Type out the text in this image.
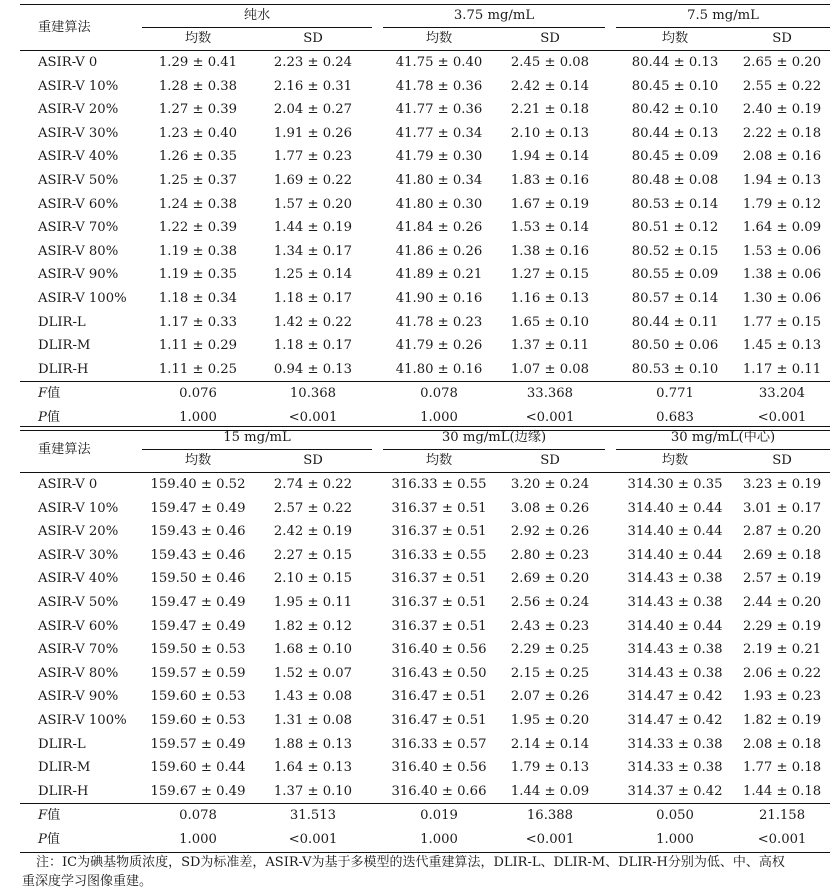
重建算法	纯水			3.75 mg/mL			7.5 mg/mL	
	均数	SD		均数	SD		均数	SD
ASIR-V 0	1.29 ± 0.41	2.23 ± 0.24		41.75 ± 0.40	2.45 ± 0.08		80.44 ± 0.13	2.65 ± 0.20
ASIR-V 10%	1.28 ± 0.38	2.16 ± 0.31		41.78 ± 0.36	2.42 ± 0.14		80.45 ± 0.10	2.55 ± 0.22
ASIR-V 20%	1.27 ± 0.39	2.04 ± 0.27		41.77 ± 0.36	2.21 ± 0.18		80.42 ± 0.10	2.40 ± 0.19
ASIR-V 30%	1.23 ± 0.40	1.91 ± 0.26		41.77 ± 0.34	2.10 ± 0.13		80.44 ± 0.13	2.22 ± 0.18
ASIR-V 40%	1.26 ± 0.35	1.77 ± 0.23		41.79 ± 0.30	1.94 ± 0.14		80.45 ± 0.09	2.08 ± 0.16
ASIR-V 50%	1.25 ± 0.37	1.69 ± 0.22		41.80 ± 0.34	1.83 ± 0.16		80.48 ± 0.08	1.94 ± 0.13
ASIR-V 60%	1.24 ± 0.38	1.57 ± 0.20		41.80 ± 0.30	1.67 ± 0.19		80.53 ± 0.14	1.79 ± 0.12
ASIR-V 70%	1.22 ± 0.39	1.44 ± 0.19		41.84 ± 0.26	1.53 ± 0.14		80.51 ± 0.12	1.64 ± 0.09
ASIR-V 80%	1.19 ± 0.38	1.34 ± 0.17		41.86 ± 0.26	1.38 ± 0.16		80.52 ± 0.15	1.53 ± 0.06
ASIR-V 90%	1.19 ± 0.35	1.25 ± 0.14		41.89 ± 0.21	1.27 ± 0.15		80.55 ± 0.09	1.38 ± 0.06
ASIR-V 100%	1.18 ± 0.34	1.18 ± 0.17		41.90 ± 0.16	1.16 ± 0.13		80.57 ± 0.14	1.30 ± 0.06
DLIR-L	1.17 ± 0.33	1.42 ± 0.22		41.78 ± 0.23	1.65 ± 0.10		80.44 ± 0.11	1.77 ± 0.15
DLIR-M	1.11 ± 0.29	1.18 ± 0.17		41.79 ± 0.26	1.37 ± 0.11		80.50 ± 0.06	1.45 ± 0.13
DLIR-H	1.11 ± 0.25	0.94 ± 0.13		41.80 ± 0.16	1.07 ± 0.08		80.53 ± 0.10	1.17 ± 0.11
F值	0.076	10.368		0.078	33.368		0.771	33.204
P值	1.000	<0.001		1.000	<0.001		0.683	<0.001
重建算法	15 mg/mL			30 mg/mL(边缘)			30 mg/mL(中心)	
	均数	SD		均数	SD		均数	SD
ASIR-V 0	159.40 ± 0.52	2.74 ± 0.22		316.33 ± 0.55	3.20 ± 0.24		314.30 ± 0.35	3.23 ± 0.19
ASIR-V 10%	159.47 ± 0.49	2.57 ± 0.22		316.37 ± 0.51	3.08 ± 0.26		314.40 ± 0.44	3.01 ± 0.17
ASIR-V 20%	159.43 ± 0.46	2.42 ± 0.19		316.37 ± 0.51	2.92 ± 0.26		314.40 ± 0.44	2.87 ± 0.20
ASIR-V 30%	159.43 ± 0.46	2.27 ± 0.15		316.33 ± 0.55	2.80 ± 0.23		314.40 ± 0.44	2.69 ± 0.18
ASIR-V 40%	159.50 ± 0.46	2.10 ± 0.15		316.37 ± 0.51	2.69 ± 0.20		314.43 ± 0.38	2.57 ± 0.19
ASIR-V 50%	159.47 ± 0.49	1.95 ± 0.11		316.37 ± 0.51	2.56 ± 0.24		314.43 ± 0.38	2.44 ± 0.20
ASIR-V 60%	159.47 ± 0.49	1.82 ± 0.12		316.37 ± 0.51	2.43 ± 0.23		314.40 ± 0.44	2.29 ± 0.19
ASIR-V 70%	159.50 ± 0.53	1.68 ± 0.10		316.40 ± 0.56	2.29 ± 0.25		314.43 ± 0.38	2.19 ± 0.21
ASIR-V 80%	159.57 ± 0.59	1.52 ± 0.07		316.43 ± 0.50	2.15 ± 0.25		314.43 ± 0.38	2.06 ± 0.22
ASIR-V 90%	159.60 ± 0.53	1.43 ± 0.08		316.47 ± 0.51	2.07 ± 0.26		314.47 ± 0.42	1.93 ± 0.23
ASIR-V 100%	159.60 ± 0.53	1.31 ± 0.08		316.47 ± 0.51	1.95 ± 0.20		314.47 ± 0.42	1.82 ± 0.19
DLIR-L	159.57 ± 0.49	1.88 ± 0.13		316.33 ± 0.57	2.14 ± 0.14		314.33 ± 0.38	2.08 ± 0.18
DLIR-M	159.60 ± 0.44	1.64 ± 0.13		316.40 ± 0.56	1.79 ± 0.13		314.33 ± 0.38	1.77 ± 0.18
DLIR-H	159.67 ± 0.49	1.37 ± 0.10		316.40 ± 0.66	1.44 ± 0.09		314.37 ± 0.42	1.44 ± 0.18
F值	0.078	31.513		0.019	16.388		0.050	21.158
P值	1.000	<0.001		1.000	<0.001		1.000	<0.001
注：IC为碘基物质浓度，SD为标准差，ASIR-V为基于多模型的迭代重建算法，DLIR-L、DLIR-M、DLIR-H分别为低、中、高权
重深度学习图像重建。
